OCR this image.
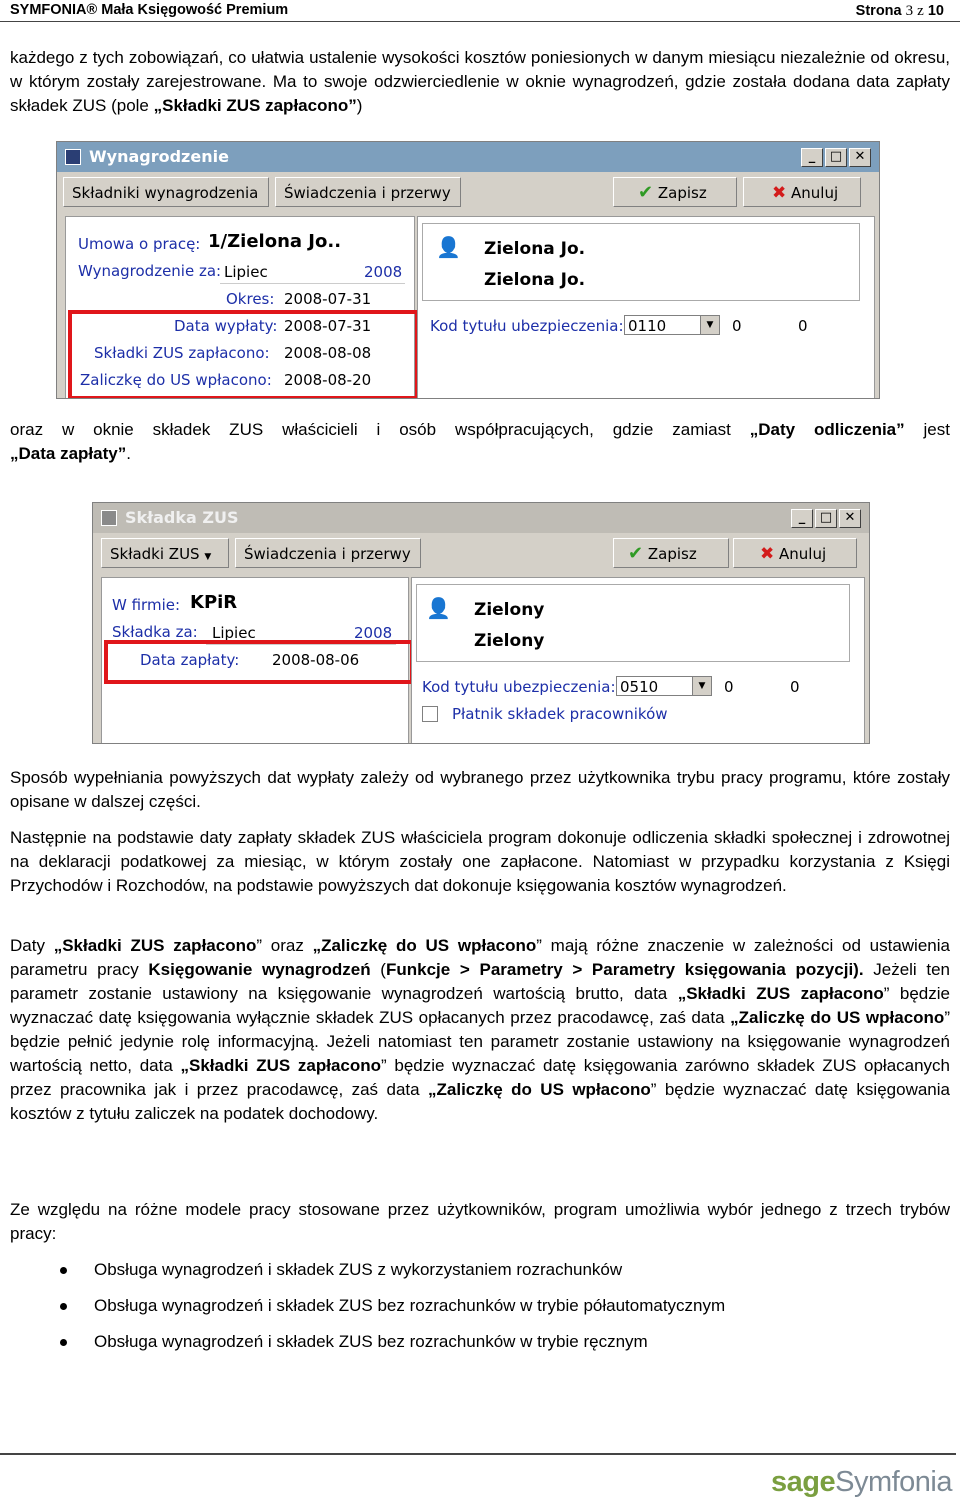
SYMFONIA® Mała Księgowość Premium	Strona 3 z 10
każdego z tych zobowiązań, co ułatwia ustalenie wysokości kosztów poniesionych w danym miesiącu niezależnie od okresu, w którym zostały zarejestrowane. Ma to swoje odzwierciedlenie w oknie wynagrodzeń, gdzie została dodana data zapłaty składek ZUS (pole „Składki ZUS zapłacono”)
Wynagrodzenie	_	□ ✕
Składniki wynagrodzenia	Świadczenia i przerwy	✔ Zapisz	✖ Anuluj
Umowa o pracę: 1/Zielona Jo..
Wynagrodzenie za: Lipiec	2008
Okres: 2008-07-31
Data wypłaty: 2008-07-31
Składki ZUS zapłacono: 2008-08-08
Zaliczkę do US wpłacono: 2008-08-20
👤 Zielona Jo.
Zielona Jo.
Kod tytułu ubezpieczenia: 0110	▼	0	0
oraz w oknie składek ZUS właścicieli i osób współpracujących, gdzie zamiast „Daty odliczenia” jest
„Data zapłaty”.
Składka ZUS	_	□ ✕
Składki ZUS ▼	Świadczenia i przerwy	✔ Zapisz	✖ Anuluj
W firmie: KPiR
Składka za: Lipiec	2008
Data zapłaty: 2008-08-06
👤 Zielony
Zielony
Kod tytułu ubezpieczenia: 0510	▼	0	0
Płatnik składek pracowników
Sposób wypełniania powyższych dat wypłaty zależy od wybranego przez użytkownika trybu pracy programu, które zostały opisane w dalszej części.
Następnie na podstawie daty zapłaty składek ZUS właściciela program dokonuje odliczenia składki społecznej i zdrowotnej na deklaracji podatkowej za miesiąc, w którym zostały one zapłacone. Natomiast w przypadku korzystania z Księgi Przychodów i Rozchodów, na podstawie powyższych dat dokonuje księgowania kosztów wynagrodzeń.
Daty „Składki ZUS zapłacono” oraz „Zaliczkę do US wpłacono” mają różne znaczenie w zależności od ustawienia parametru pracy Księgowanie wynagrodzeń (Funkcje > Parametry > Parametry księgowania pozycji). Jeżeli ten parametr zostanie ustawiony na księgowanie wynagrodzeń wartością brutto, data „Składki ZUS zapłacono” będzie wyznaczać datę księgowania wyłącznie składek ZUS opłacanych przez pracodawcę, zaś data „Zaliczkę do US wpłacono” będzie pełnić jedynie rolę informacyjną. Jeżeli natomiast ten parametr zostanie ustawiony na księgowanie wynagrodzeń wartością netto, data „Składki ZUS zapłacono” będzie wyznaczać datę księgowania zarówno składek ZUS opłacanych przez pracownika jak i przez pracodawcę, zaś data „Zaliczkę do US wpłacono” będzie wyznaczać datę księgowania kosztów z tytułu zaliczek na podatek dochodowy.
Ze względu na różne modele pracy stosowane przez użytkowników, program umożliwia wybór jednego z trzech trybów pracy:
Obsługa wynagrodzeń i składek ZUS z wykorzystaniem rozrachunków
Obsługa wynagrodzeń i składek ZUS bez rozrachunków w trybie półautomatycznym
Obsługa wynagrodzeń i składek ZUS bez rozrachunków w trybie ręcznym
sageSymfonia
